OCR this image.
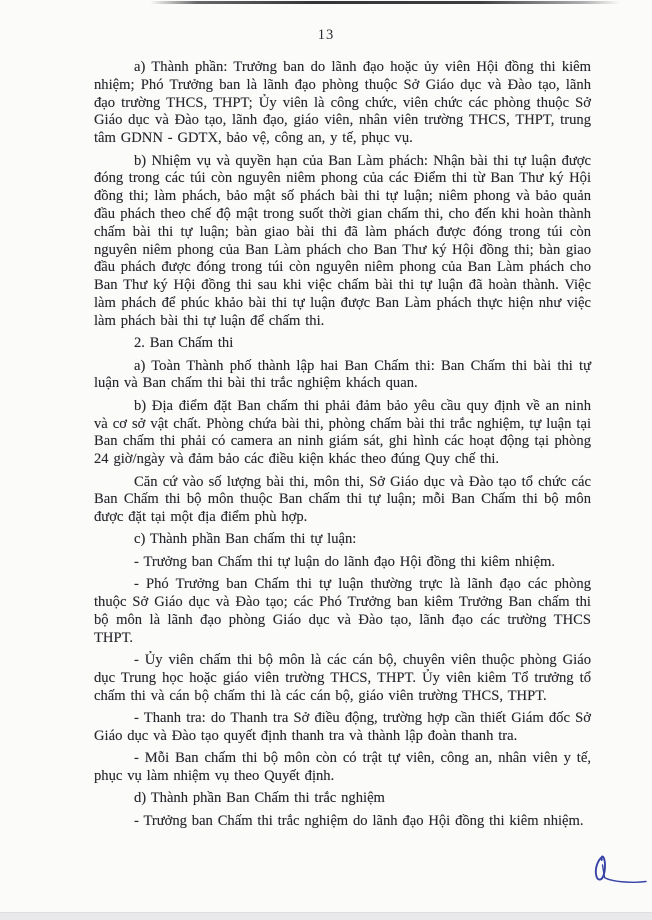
13

a) Thành phần: Trưởng ban do lãnh đạo hoặc ủy viên Hội đồng thi kiêm nhiệm; Phó Trưởng ban là lãnh đạo phòng thuộc Sở Giáo dục và Đào tạo, lãnh đạo trường THCS, THPT; Ủy viên là công chức, viên chức các phòng thuộc Sở Giáo dục và Đào tạo, lãnh đạo, giáo viên, nhân viên trường THCS, THPT, trung tâm GDNN - GDTX, bảo vệ, công an, y tế, phục vụ.

b) Nhiệm vụ và quyền hạn của Ban Làm phách: Nhận bài thi tự luận được đóng trong các túi còn nguyên niêm phong của các Điểm thi từ Ban Thư ký Hội đồng thi; làm phách, bảo mật số phách bài thi tự luận; niêm phong và bảo quản đầu phách theo chế độ mật trong suốt thời gian chấm thi, cho đến khi hoàn thành chấm bài thi tự luận; bàn giao bài thi đã làm phách được đóng trong túi còn nguyên niêm phong của Ban Làm phách cho Ban Thư ký Hội đồng thi; bàn giao đầu phách được đóng trong túi còn nguyên niêm phong của Ban Làm phách cho Ban Thư ký Hội đồng thi sau khi việc chấm bài thi tự luận đã hoàn thành. Việc làm phách để phúc khảo bài thi tự luận được Ban Làm phách thực hiện như việc làm phách bài thi tự luận để chấm thi.

2. Ban Chấm thi

a) Toàn Thành phố thành lập hai Ban Chấm thi: Ban Chấm thi bài thi tự luận và Ban chấm thi bài thi trắc nghiệm khách quan.

b) Địa điểm đặt Ban chấm thi phải đảm bảo yêu cầu quy định về an ninh và cơ sở vật chất. Phòng chứa bài thi, phòng chấm bài thi trắc nghiệm, tự luận tại Ban chấm thi phải có camera an ninh giám sát, ghi hình các hoạt động tại phòng 24 giờ/ngày và đảm bảo các điều kiện khác theo đúng Quy chế thi.

Căn cứ vào số lượng bài thi, môn thi, Sở Giáo dục và Đào tạo tổ chức các Ban Chấm thi bộ môn thuộc Ban chấm thi tự luận; mỗi Ban Chấm thi bộ môn được đặt tại một địa điểm phù hợp.

c) Thành phần Ban chấm thi tự luận:

- Trưởng ban Chấm thi tự luận do lãnh đạo Hội đồng thi kiêm nhiệm.

- Phó Trưởng ban Chấm thi tự luận thường trực là lãnh đạo các phòng thuộc Sở Giáo dục và Đào tạo; các Phó Trưởng ban kiêm Trưởng Ban chấm thi bộ môn là lãnh đạo phòng Giáo dục và Đào tạo, lãnh đạo các trường THCS THPT.

- Ủy viên chấm thi bộ môn là các cán bộ, chuyên viên thuộc phòng Giáo dục Trung học hoặc giáo viên trường THCS, THPT. Ủy viên kiêm Tổ trưởng tổ chấm thi và cán bộ chấm thi là các cán bộ, giáo viên trường THCS, THPT.

- Thanh tra: do Thanh tra Sở điều động, trường hợp cần thiết Giám đốc Sở Giáo dục và Đào tạo quyết định thanh tra và thành lập đoàn thanh tra.

- Mỗi Ban chấm thi bộ môn còn có trật tự viên, công an, nhân viên y tế, phục vụ làm nhiệm vụ theo Quyết định.

d) Thành phần Ban Chấm thi trắc nghiệm

- Trưởng ban Chấm thi trắc nghiệm do lãnh đạo Hội đồng thi kiêm nhiệm.
